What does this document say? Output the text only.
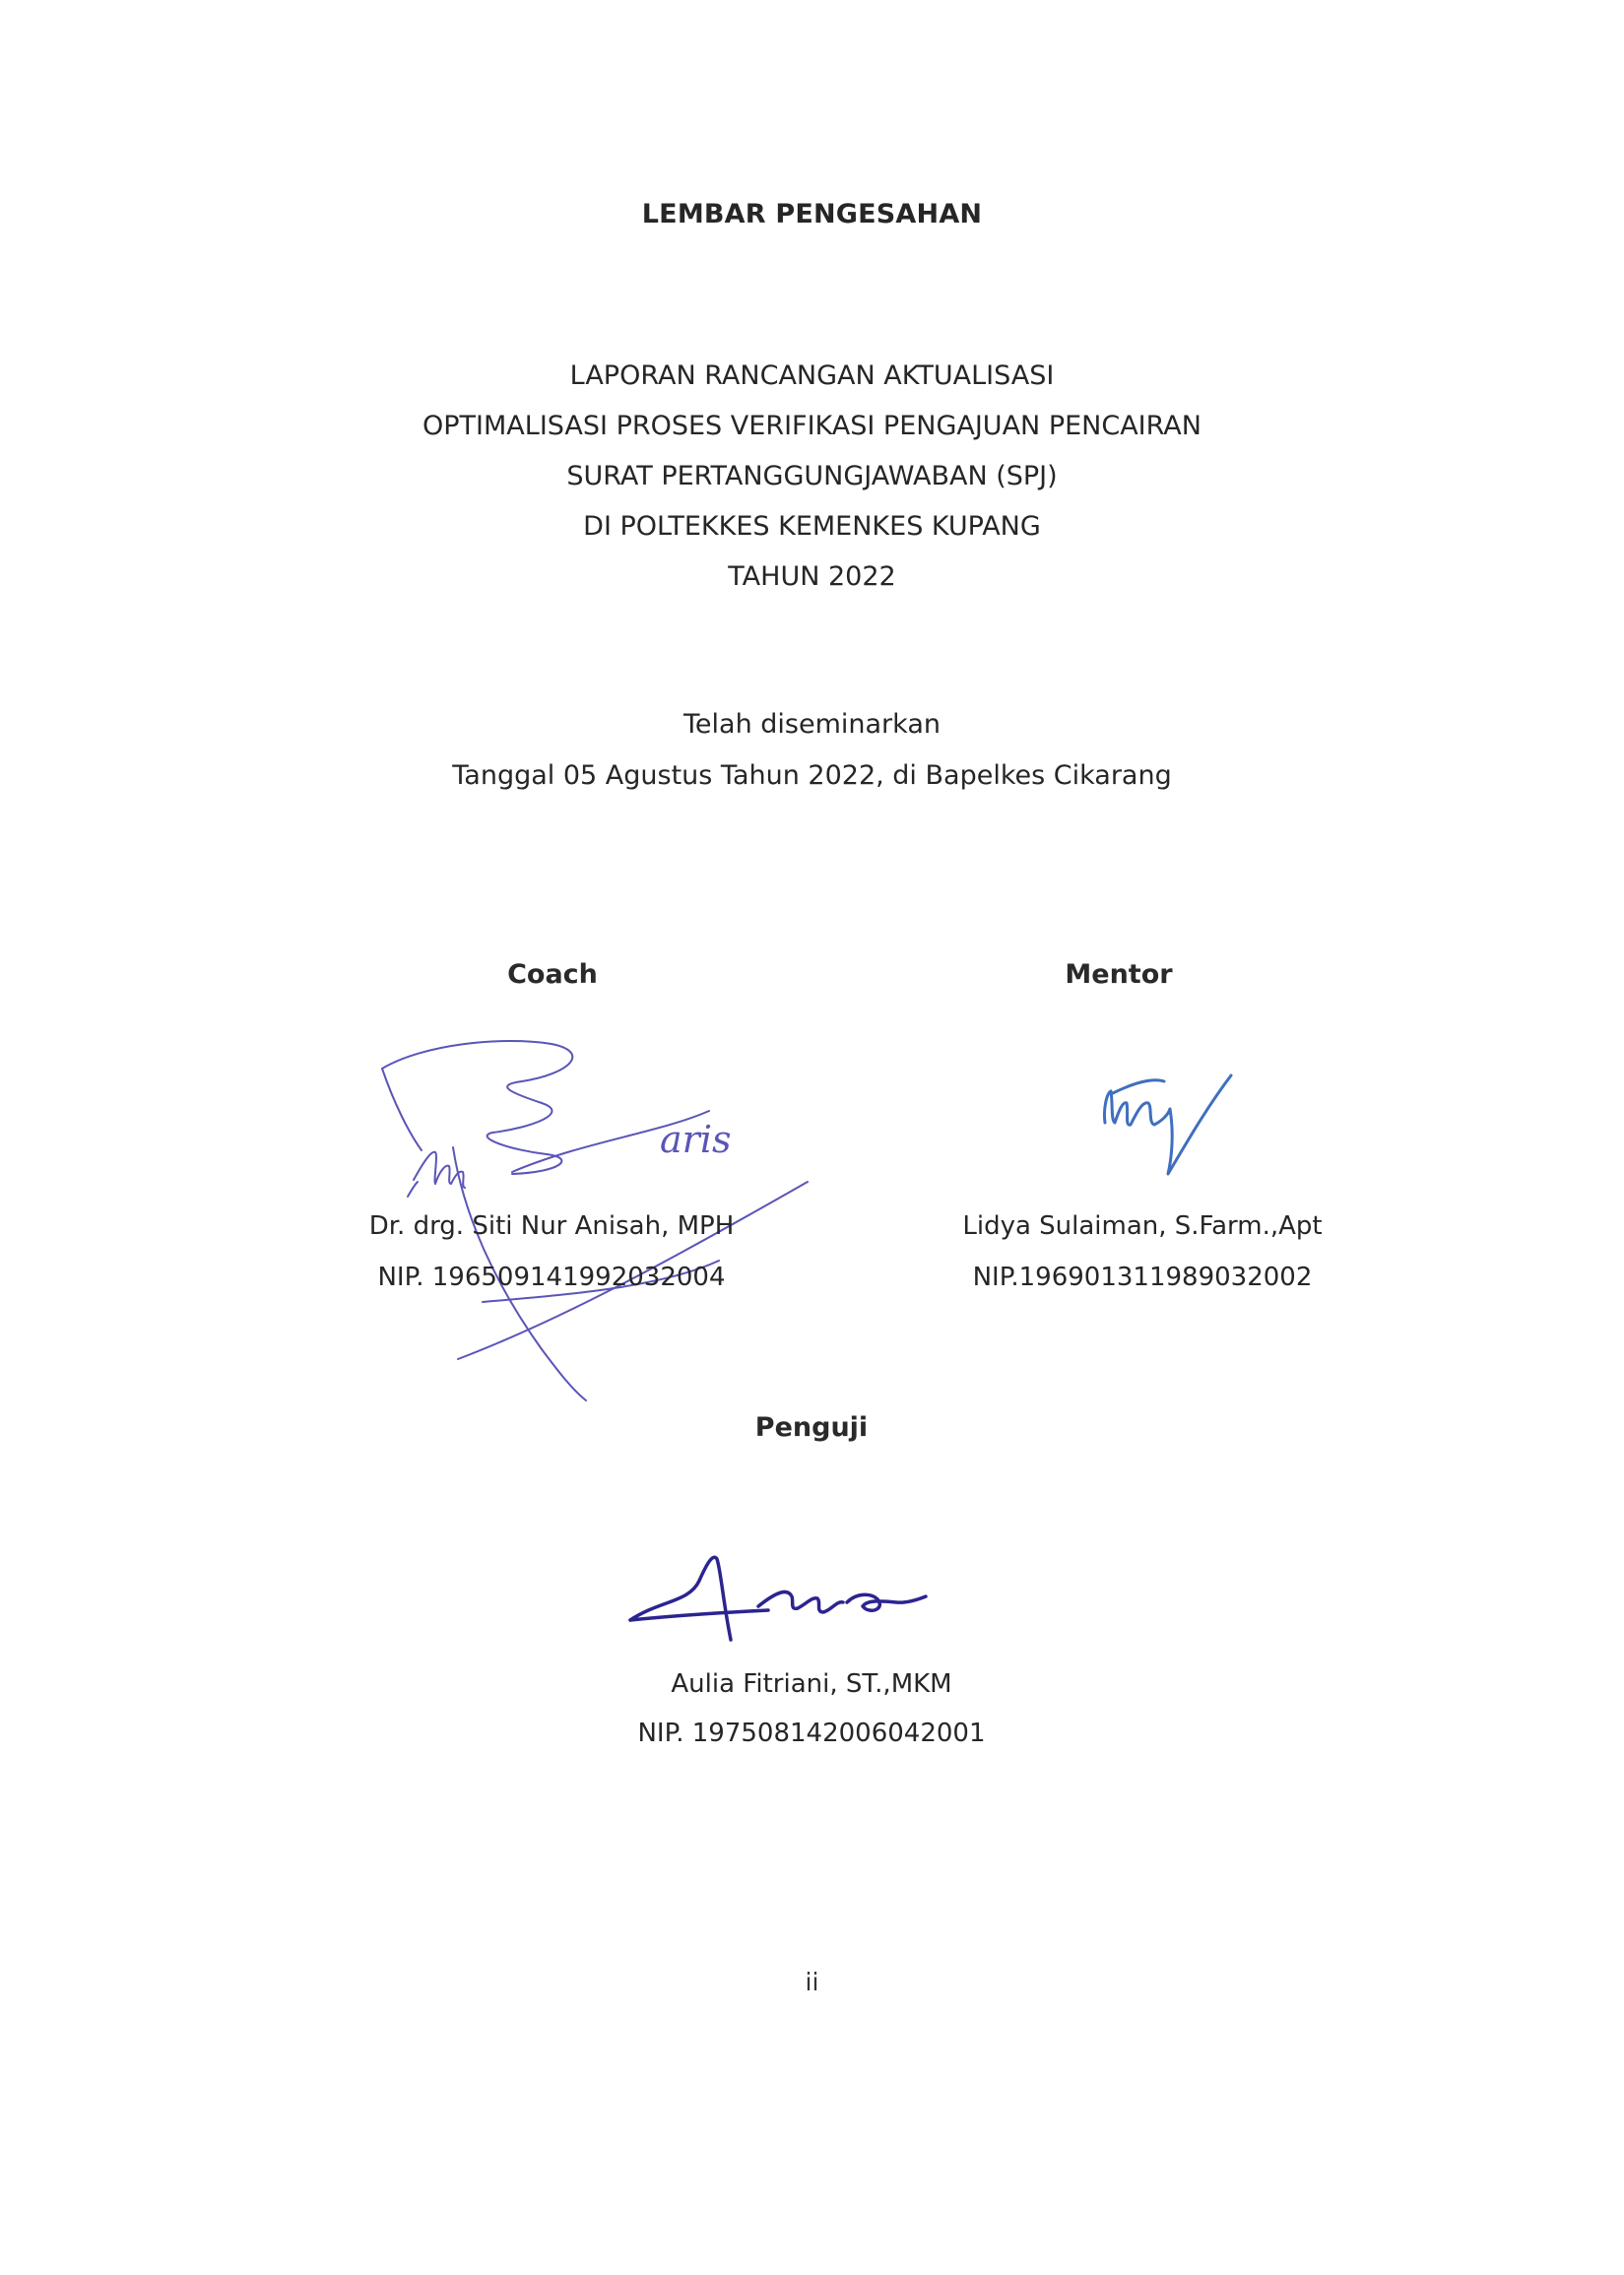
LEMBAR PENGESAHAN
LAPORAN RANCANGAN AKTUALISASI
OPTIMALISASI PROSES VERIFIKASI PENGAJUAN PENCAIRAN
SURAT PERTANGGUNGJAWABAN (SPJ)
DI POLTEKKES KEMENKES KUPANG
TAHUN 2022
Telah diseminarkan
Tanggal 05 Agustus Tahun 2022, di Bapelkes Cikarang
Coach
aris
Dr. drg. Siti Nur Anisah, MPH
NIP. 196509141992032004
Mentor
Lidya Sulaiman, S.Farm.,Apt
NIP.196901311989032002
Penguji
Aulia Fitriani, ST.,MKM
NIP. 197508142006042001
ii
